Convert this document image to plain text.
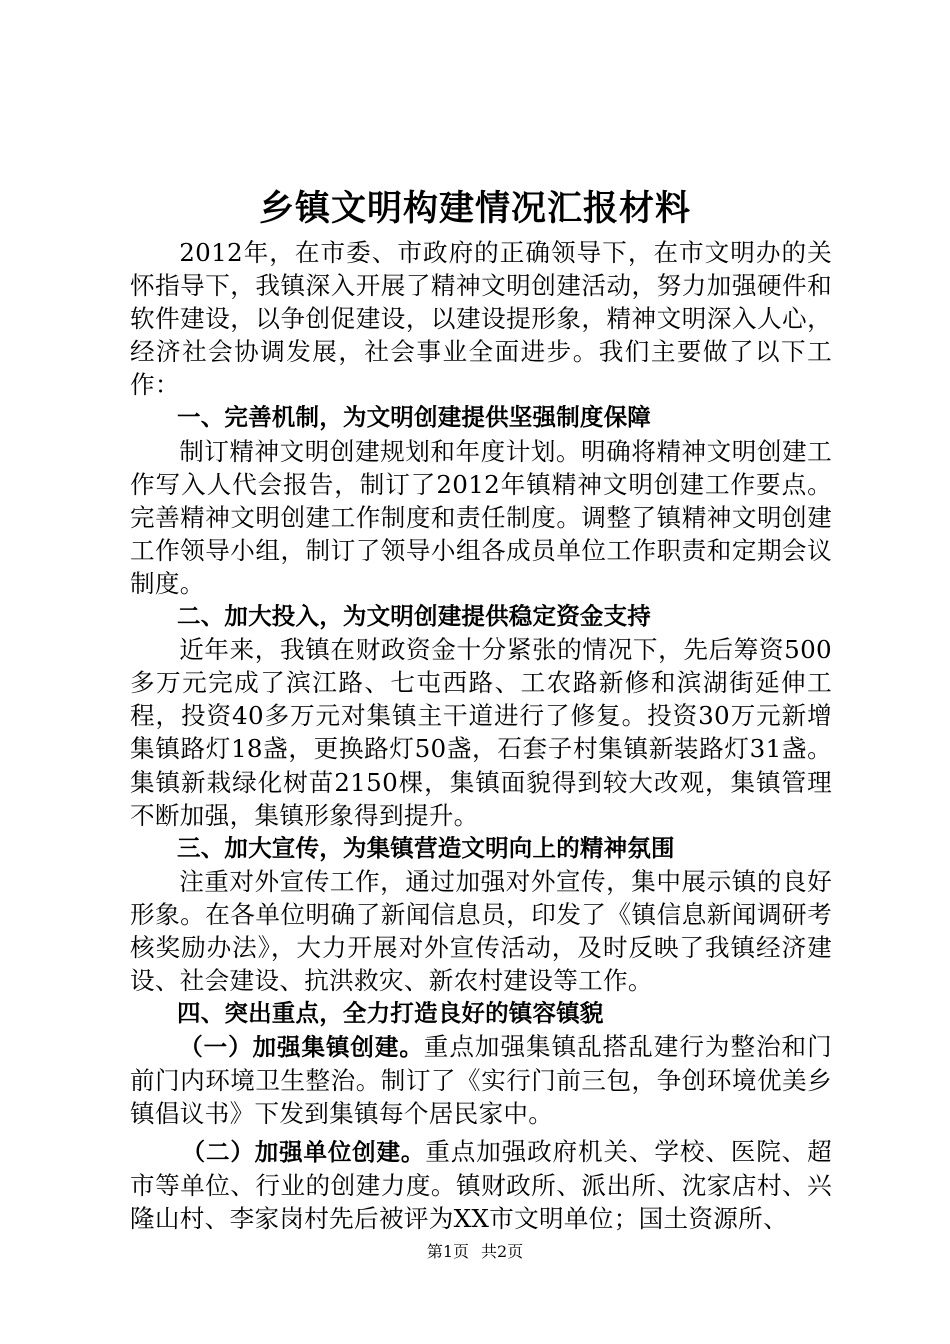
乡镇文明构建情况汇报材料

2012年，在市委、市政府的正确领导下，在市文明办的关怀指导下，我镇深入开展了精神文明创建活动，努力加强硬件和软件建设，以争创促建设，以建设提形象，精神文明深入人心，经济社会协调发展，社会事业全面进步。我们主要做了以下工作：

一、完善机制，为文明创建提供坚强制度保障

制订精神文明创建规划和年度计划。明确将精神文明创建工作写入人代会报告，制订了2012年镇精神文明创建工作要点。完善精神文明创建工作制度和责任制度。调整了镇精神文明创建工作领导小组，制订了领导小组各成员单位工作职责和定期会议制度。

二、加大投入，为文明创建提供稳定资金支持

近年来，我镇在财政资金十分紧张的情况下，先后筹资500多万元完成了滨江路、七屯西路、工农路新修和滨湖街延伸工程，投资40多万元对集镇主干道进行了修复。投资30万元新增集镇路灯18盏，更换路灯50盏，石套子村集镇新装路灯31盏。集镇新栽绿化树苗2150棵，集镇面貌得到较大改观，集镇管理不断加强，集镇形象得到提升。

三、加大宣传，为集镇营造文明向上的精神氛围

注重对外宣传工作，通过加强对外宣传，集中展示镇的良好形象。在各单位明确了新闻信息员，印发了《镇信息新闻调研考核奖励办法》，大力开展对外宣传活动，及时反映了我镇经济建设、社会建设、抗洪救灾、新农村建设等工作。

四、突出重点，全力打造良好的镇容镇貌

（一）加强集镇创建。重点加强集镇乱搭乱建行为整治和门前门内环境卫生整治。制订了《实行门前三包，争创环境优美乡镇倡议书》下发到集镇每个居民家中。

（二）加强单位创建。重点加强政府机关、学校、医院、超市等单位、行业的创建力度。镇财政所、派出所、沈家店村、兴隆山村、李家岗村先后被评为XX市文明单位；国土资源所、

第1页 共2页
